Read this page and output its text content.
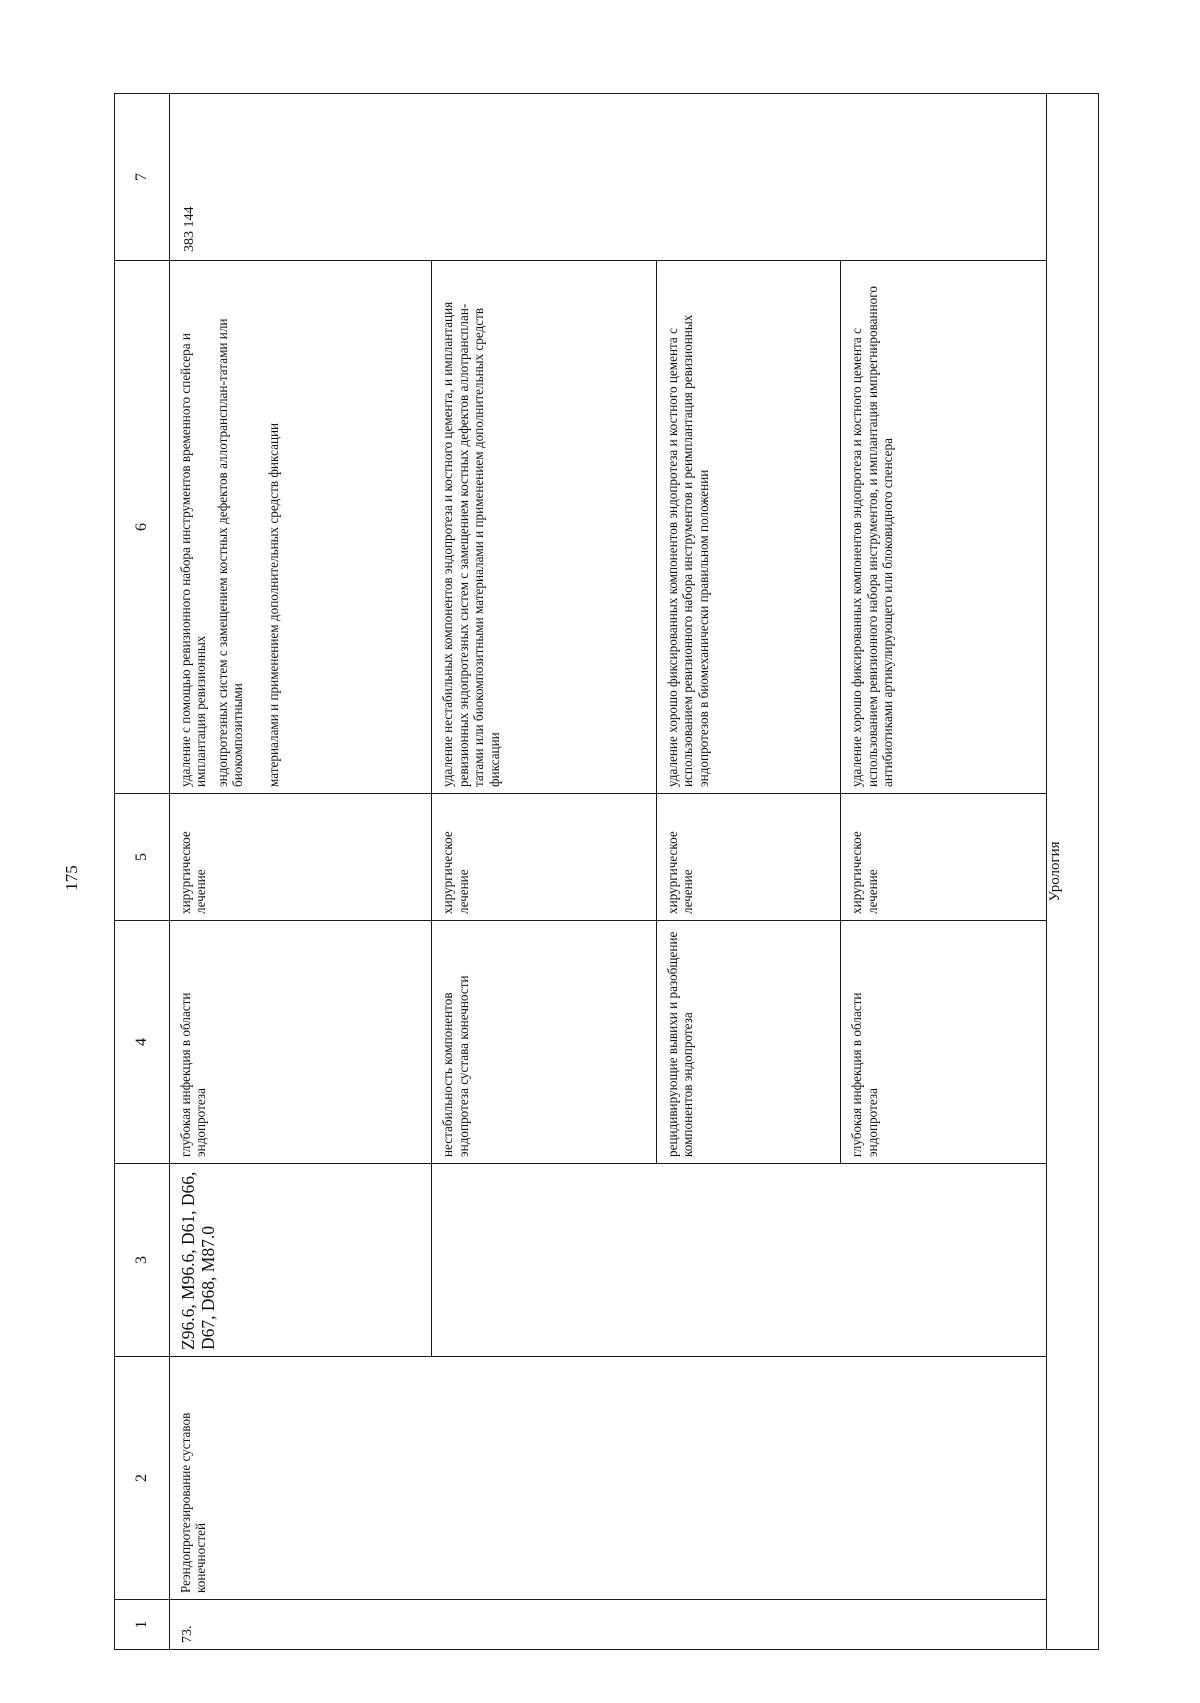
175
1	2	3	4	5	6	7

73.	Реэндопротезирование суставов конечностей	Z96.6, M96.6, D61, D66, D67, D68, M87.0	глубокая инфекция в области эндопротеза	хирургическое лечение	удаление с помощью ревизионного набора инструментов временного спейсера и имплантация ревизионных эндопротезных систем с замещением костных дефектов аллотрансплан-татами или биокомпозитными материалами и применением дополнительных средств фиксации	383 144

			нестабильность компонентов эндопротеза сустава конечности	хирургическое лечение	удаление нестабильных компонентов эндопротеза и костного цемента, и имплантация ревизионных эндопротезных систем с замещением костных дефектов аллотрансплан-татами или биокомпозитными материалами и применением дополнительных средств фиксации	

			рецидивирующие вывихи и разобщение компонентов эндопротеза	хирургическое лечение	удаление хорошо фиксированных компонентов эндопротеза и костного цемента с использованием ревизионного набора инструментов и реимплантация ревизионных эндопротезов в биомеханически правильном положении	

			глубокая инфекция в области эндопротеза	хирургическое лечение	удаление хорошо фиксированных компонентов эндопротеза и костного цемента с использованием ревизионного набора инструментов, и имплантация импрегнированного антибиотиками артикулирующего или блоковидного спенсера	

Урология						
